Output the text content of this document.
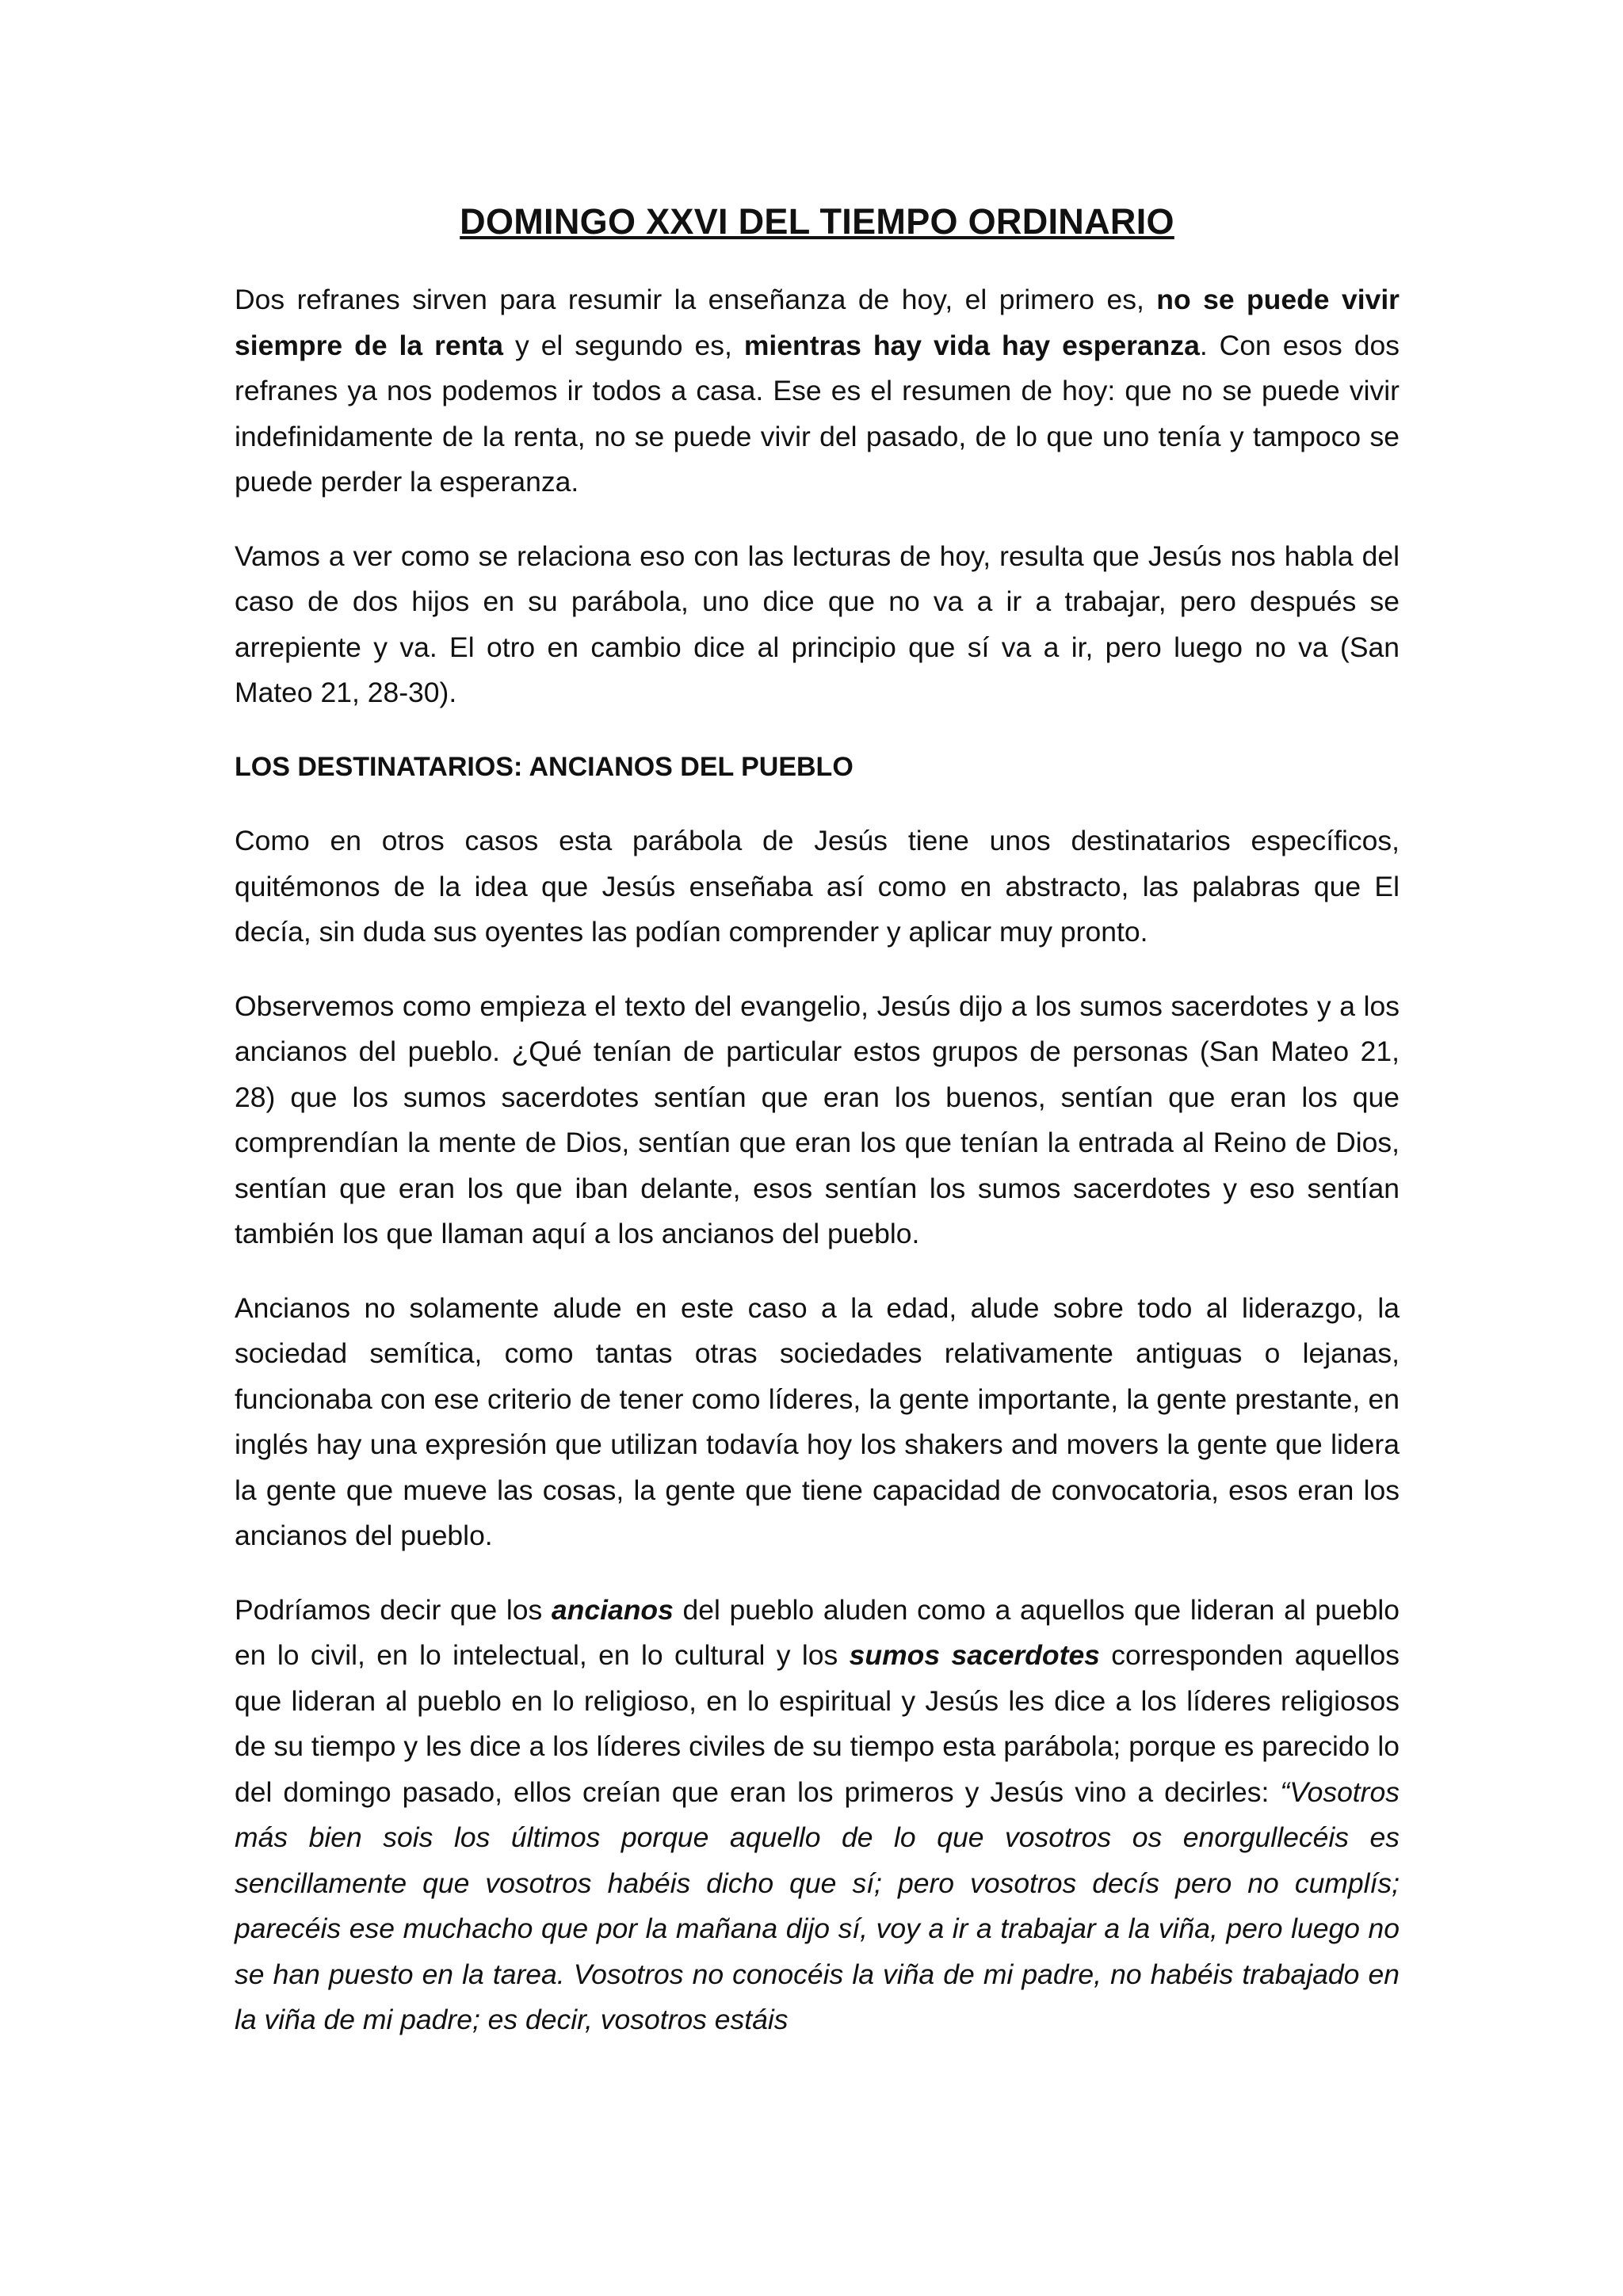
DOMINGO XXVI DEL TIEMPO ORDINARIO

Dos refranes sirven para resumir la enseñanza de hoy, el primero es, no se puede vivir siempre de la renta y el segundo es, mientras hay vida hay esperanza. Con esos dos refranes ya nos podemos ir todos a casa. Ese es el resumen de hoy: que no se puede vivir indefinidamente de la renta, no se puede vivir del pasado, de lo que uno tenía y tampoco se puede perder la esperanza.

Vamos a ver como se relaciona eso con las lecturas de hoy, resulta que Jesús nos habla del caso de dos hijos en su parábola, uno dice que no va a ir a trabajar, pero después se arrepiente y va. El otro en cambio dice al principio que sí va a ir, pero luego no va (San Mateo 21, 28-30).

LOS DESTINATARIOS: ANCIANOS DEL PUEBLO

Como en otros casos esta parábola de Jesús tiene unos destinatarios específicos, quitémonos de la idea que Jesús enseñaba así como en abstracto, las palabras que El decía, sin duda sus oyentes las podían comprender y aplicar muy pronto.

Observemos como empieza el texto del evangelio, Jesús dijo a los sumos sacerdotes y a los ancianos del pueblo. ¿Qué tenían de particular estos grupos de personas (San Mateo 21, 28) que los sumos sacerdotes sentían que eran los buenos, sentían que eran los que comprendían la mente de Dios, sentían que eran los que tenían la entrada al Reino de Dios, sentían que eran los que iban delante, esos sentían los sumos sacerdotes y eso sentían también los que llaman aquí a los ancianos del pueblo.

Ancianos no solamente alude en este caso a la edad, alude sobre todo al liderazgo, la sociedad semítica, como tantas otras sociedades relativamente antiguas o lejanas, funcionaba con ese criterio de tener como líderes, la gente importante, la gente prestante, en inglés hay una expresión que utilizan todavía hoy los shakers and movers la gente que lidera la gente que mueve las cosas, la gente que tiene capacidad de convocatoria, esos eran los ancianos del pueblo.

Podríamos decir que los ancianos del pueblo aluden como a aquellos que lideran al pueblo en lo civil, en lo intelectual, en lo cultural y los sumos sacerdotes corresponden aquellos que lideran al pueblo en lo religioso, en lo espiritual y Jesús les dice a los líderes religiosos de su tiempo y les dice a los líderes civiles de su tiempo esta parábola; porque es parecido lo del domingo pasado, ellos creían que eran los primeros y Jesús vino a decirles: “Vosotros más bien sois los últimos porque aquello de lo que vosotros os enorgullecéis es sencillamente que vosotros habéis dicho que sí; pero vosotros decís pero no cumplís; parecéis ese muchacho que por la mañana dijo sí, voy a ir a trabajar a la viña, pero luego no se han puesto en la tarea. Vosotros no conocéis la viña de mi padre, no habéis trabajado en la viña de mi padre; es decir, vosotros estáis
